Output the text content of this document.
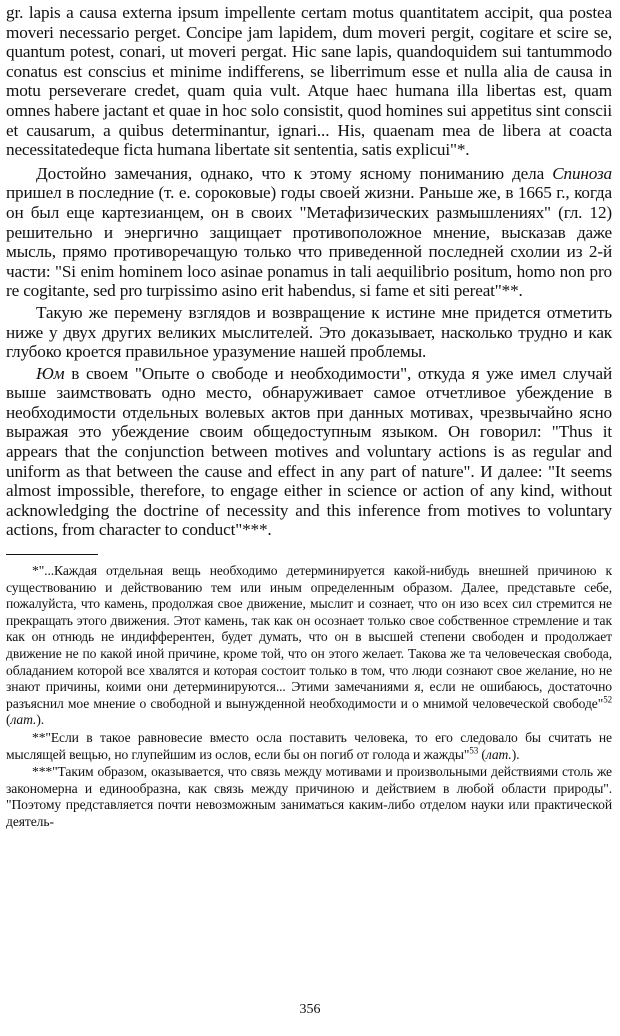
gr. lapis a causa externa ipsum impellente certam motus quantitatem accipit, qua postea moveri necessario perget. Concipe jam lapidem, dum moveri pergit, cogitare et scire se, quantum potest, conari, ut moveri pergat. Hic sane lapis, quandoquidem sui tantummodo conatus est conscius et minime indifferens, se liberrimum esse et nulla alia de causa in motu perseverare credet, quam quia vult. Atque haec humana illa libertas est, quam omnes habere jactant et quae in hoc solo consistit, quod homines sui appetitus sint conscii et causarum, a quibus determinantur, ignari... His, quaenam mea de libera at coacta necessitatedeque ficta humana libertate sit sententia, satis explicui"*.

Достойно замечания, однако, что к этому ясному пониманию дела Спиноза пришел в последние (т. е. сороковые) годы своей жизни. Раньше же, в 1665 г., когда он был еще картезианцем, он в своих "Метафизических размышлениях" (гл. 12) решительно и энергично защищает противоположное мнение, высказав даже мысль, прямо противоречащую только что приведенной последней схолии из 2-й части: "Si enim hominem loco asinae ponamus in tali aequilibrio positum, homo non pro re cogitante, sed pro turpissimo asino erit habendus, si fame et siti pereat"**.

Такую же перемену взглядов и возвращение к истине мне придется отметить ниже у двух других великих мыслителей. Это доказывает, насколько трудно и как глубоко кроется правильное уразумение нашей проблемы.

Юм в своем "Опыте о свободе и необходимости", откуда я уже имел случай выше заимствовать одно место, обнаруживает самое отчетливое убеждение в необходимости отдельных волевых актов при данных мотивах, чрезвычайно ясно выражая это убеждение своим общедоступным языком. Он говорил: "Thus it appears that the conjunction between motives and voluntary actions is as regular and uniform as that between the cause and effect in any part of nature". И далее: "It seems almost impossible, therefore, to engage either in science or action of any kind, without acknowledging the doctrine of necessity and this inference from motives to voluntary actions, from character to conduct"***.

*"...Каждая отдельная вещь необходимо детерминируется какой-нибудь внешней причиною к существованию и действованию тем или иным определенным образом. Далее, представьте себе, пожалуйста, что камень, продолжая свое движение, мыслит и сознает, что он изо всех сил стремится не прекращать этого движения. Этот камень, так как он осознает только свое собственное стремление и так как он отнюдь не индифферентен, будет думать, что он в высшей степени свободен и продолжает движение не по какой иной причине, кроме той, что он этого желает. Такова же та человеческая свобода, обладанием которой все хвалятся и которая состоит только в том, что люди сознают свое желание, но не знают причины, коими они детерминируются... Этими замечаниями я, если не ошибаюсь, достаточно разъяснил мое мнение о свободной и вынужденной необходимости и о мнимой человеческой свободе"$^{52}$ (лат.).

**"Если в такое равновесие вместо осла поставить человека, то его следовало бы считать не мыслящей вещью, но глупейшим из ослов, если бы он погиб от голода и жажды"$^{53}$ (лат.).

***"Таким образом, оказывается, что связь между мотивами и произвольными действиями столь же закономерна и единообразна, как связь между причиною и действием в любой области природы". "Поэтому представляется почти невозможным заниматься каким-либо отделом науки или практической деятель-

356
